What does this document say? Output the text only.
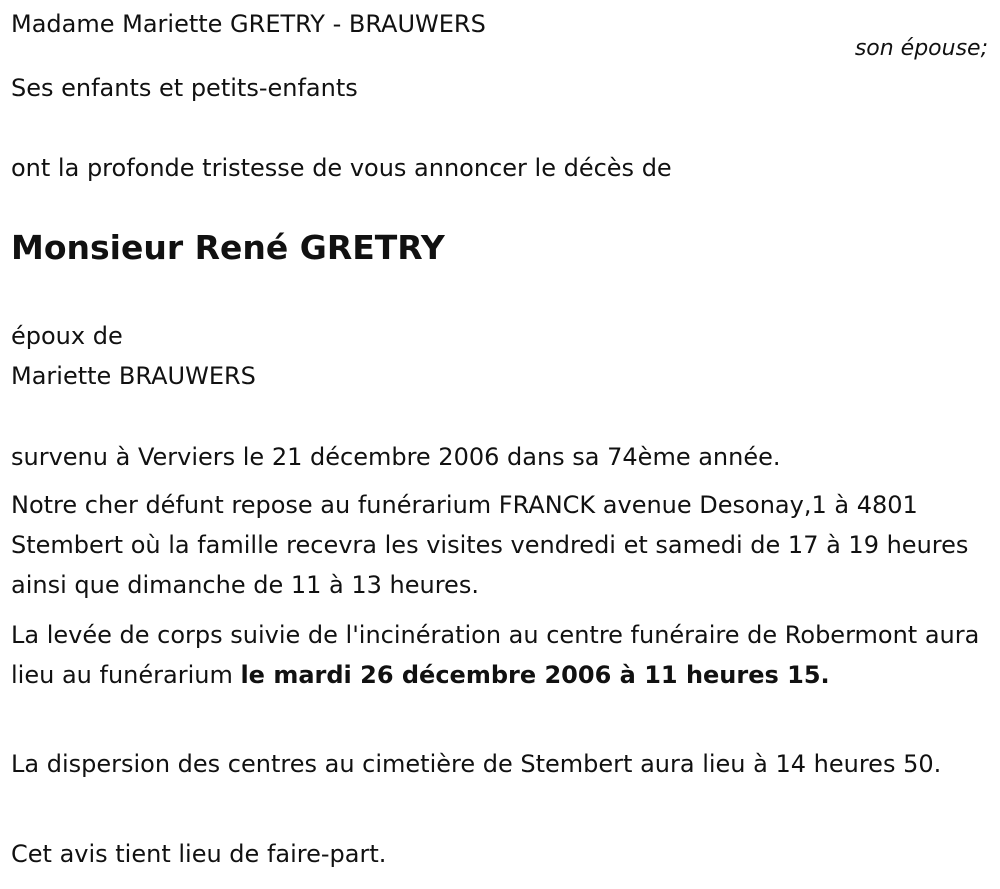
Madame Mariette GRETRY - BRAUWERS
son épouse;
Ses enfants et petits-enfants
ont la profonde tristesse de vous annoncer le décès de
Monsieur René GRETRY
époux de
Mariette BRAUWERS
survenu à Verviers le 21 décembre 2006 dans sa 74ème année.
Notre cher défunt repose au funérarium FRANCK avenue Desonay,1 à 4801 Stembert où la famille recevra les visites vendredi et samedi de 17 à 19 heures ainsi que dimanche de 11 à 13 heures.
La levée de corps suivie de l'incinération au centre funéraire de Robermont aura lieu au funérarium le mardi 26 décembre 2006 à 11 heures 15.
La dispersion des centres au cimetière de Stembert aura lieu à 14 heures 50.
Cet avis tient lieu de faire-part.
